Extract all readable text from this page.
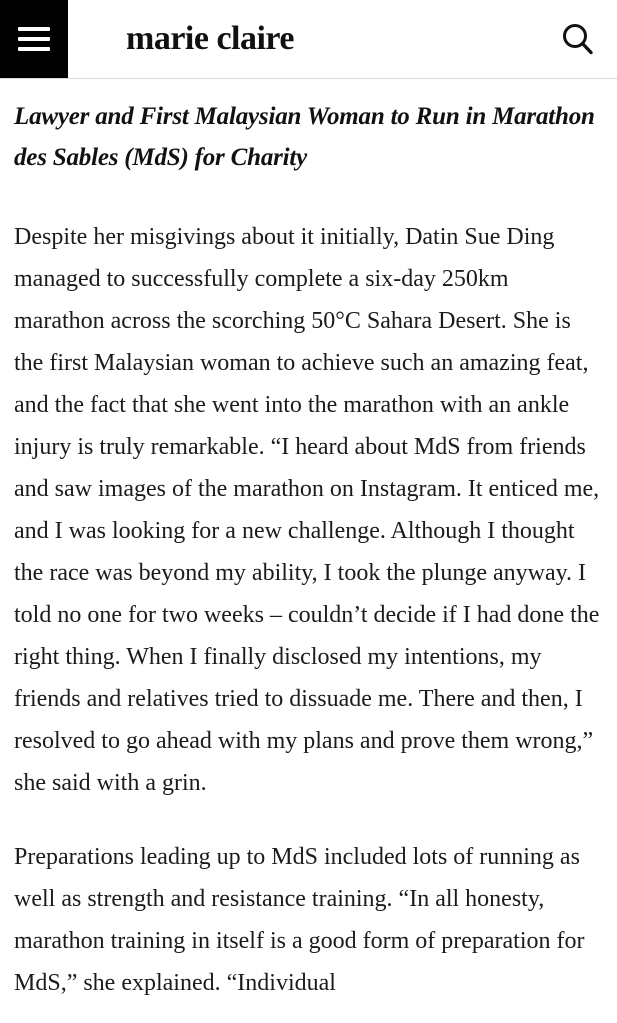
marie claire
Lawyer and First Malaysian Woman to Run in Marathon des Sables (MdS) for Charity

Despite her misgivings about it initially, Datin Sue Ding managed to successfully complete a six-day 250km marathon across the scorching 50°C Sahara Desert. She is the first Malaysian woman to achieve such an amazing feat, and the fact that she went into the marathon with an ankle injury is truly remarkable. “I heard about MdS from friends and saw images of the marathon on Instagram. It enticed me, and I was looking for a new challenge. Although I thought the race was beyond my ability, I took the plunge anyway. I told no one for two weeks – couldn’t decide if I had done the right thing. When I finally disclosed my intentions, my friends and relatives tried to dissuade me. There and then, I resolved to go ahead with my plans and prove them wrong,” she said with a grin.

Preparations leading up to MdS included lots of running as well as strength and resistance training. “In all honesty, marathon training in itself is a good form of preparation for MdS,” she explained. “Individual
